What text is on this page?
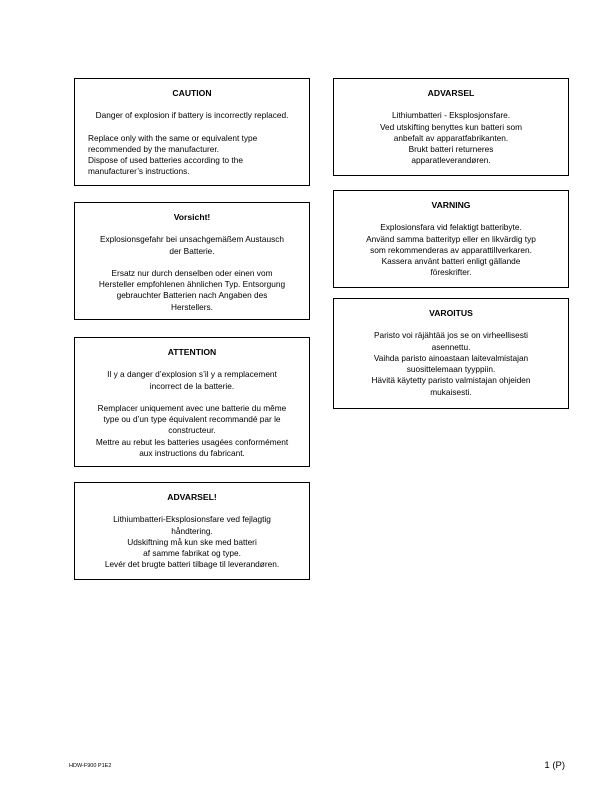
CAUTION

Danger of explosion if battery is incorrectly replaced.

Replace only with the same or equivalent type

recommended by the manufacturer.

Dispose of used batteries according to the

manufacturer’s instructions.

Vorsicht!

Explosionsgefahr bei unsachgemäßem Austausch

der Batterie.

Ersatz nur durch denselben oder einen vom

Hersteller empfohlenen ähnlichen Typ. Entsorgung

gebrauchter Batterien nach Angaben des

Herstellers.

ATTENTION

Il y a danger d’explosion s’il y a remplacement

incorrect de la batterie.

Remplacer uniquement avec une batterie du même

type ou d’un type équivalent recommandé par le

constructeur.

Mettre au rebut les batteries usagées conformément

aux instructions du fabricant.

ADVARSEL!

Lithiumbatteri-Eksplosionsfare ved fejlagtig

håndtering.

Udskiftning må kun ske med batteri

af samme fabrikat og type.

Levér det brugte batteri tilbage til leverandøren.

ADVARSEL

Lithiumbatteri - Eksplosjonsfare.

Ved utskifting benyttes kun batteri som

anbefalt av apparatfabrikanten.

Brukt batteri returneres

apparatleverandøren.

VARNING

Explosionsfara vid felaktigt batteribyte.

Använd samma batterityp eller en likvärdig typ

som rekommenderas av apparattillverkaren.

Kassera använt batteri enligt gällande

föreskrifter.

VAROITUS

Paristo voi räjähtää jos se on virheellisesti

asennettu.

Vaihda paristo ainoastaan laitevalmistajan

suosittelemaan tyyppiin.

Hävitä käytetty paristo valmistajan ohjeiden

mukaisesti.

HDW-F900 P1E2	1 (P)
